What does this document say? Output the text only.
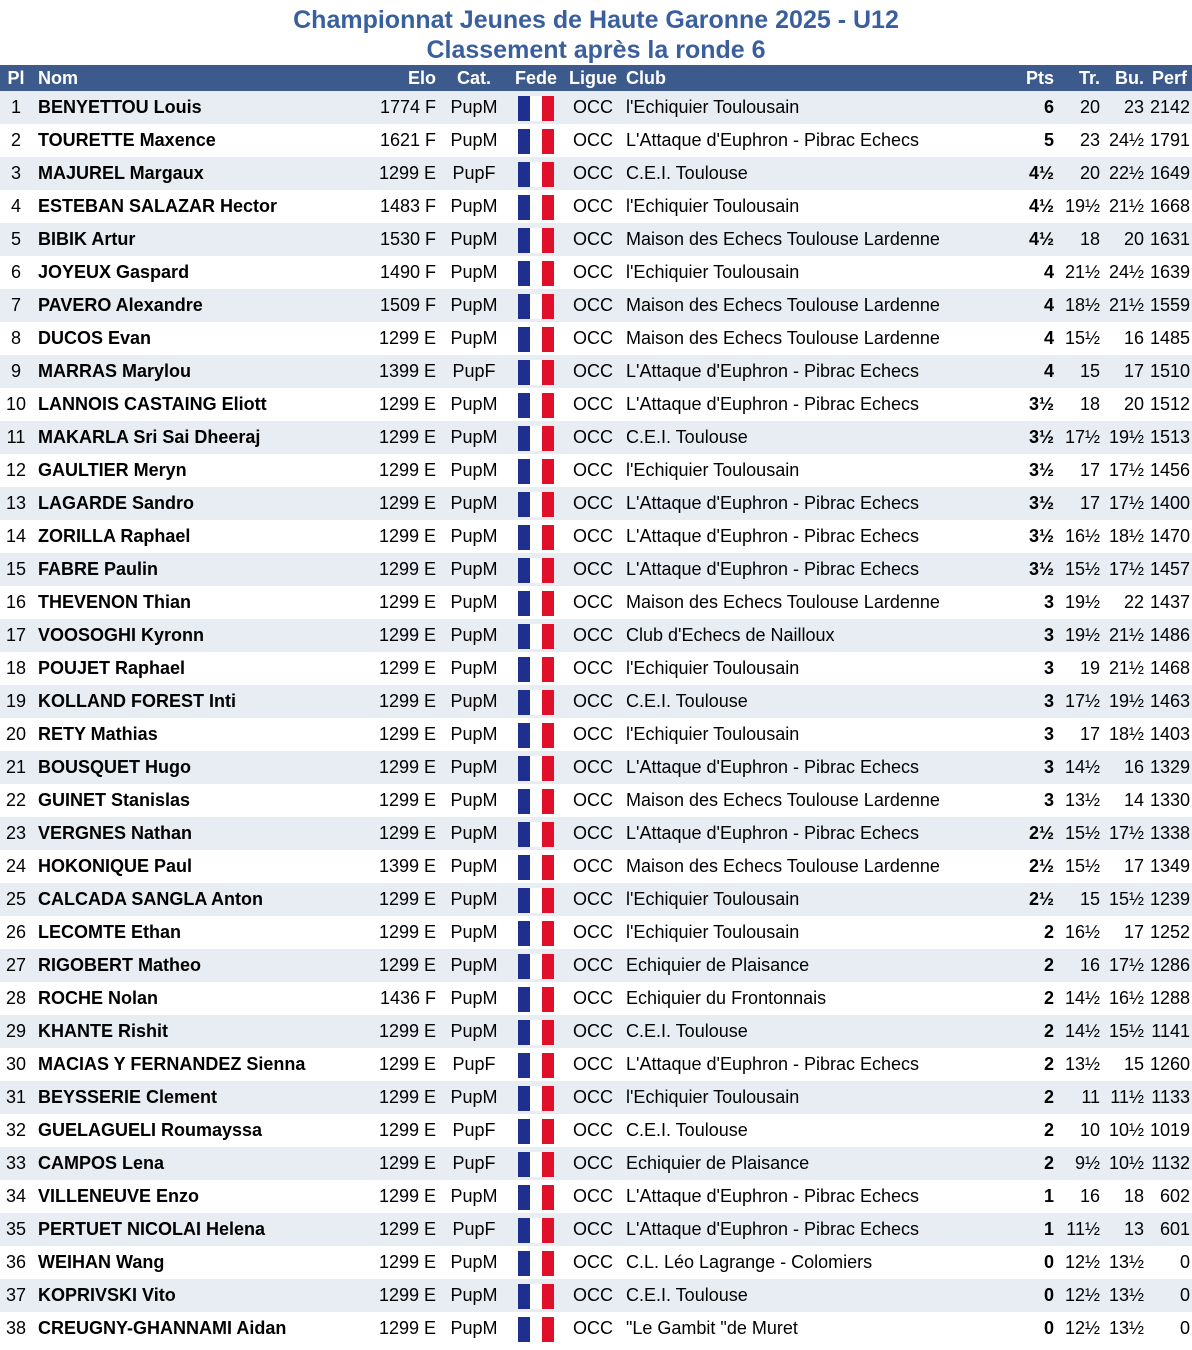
Championnat Jeunes de Haute Garonne 2025 - U12
Classement après la ronde 6
Pl	Nom	Elo	Cat.	Fede	Ligue	Club	Pts	Tr.	Bu.	Perf
1	BENYETTOU Louis	1774 F	PupM		OCC	l'Echiquier Toulousain	6	20	23	2142
2	TOURETTE Maxence	1621 F	PupM		OCC	L'Attaque d'Euphron - Pibrac Echecs	5	23	24½	1791
3	MAJUREL Margaux	1299 E	PupF		OCC	C.E.I. Toulouse	4½	20	22½	1649
4	ESTEBAN SALAZAR Hector	1483 F	PupM		OCC	l'Echiquier Toulousain	4½	19½	21½	1668
5	BIBIK Artur	1530 F	PupM		OCC	Maison des Echecs Toulouse Lardenne	4½	18	20	1631
6	JOYEUX Gaspard	1490 F	PupM		OCC	l'Echiquier Toulousain	4	21½	24½	1639
7	PAVERO Alexandre	1509 F	PupM		OCC	Maison des Echecs Toulouse Lardenne	4	18½	21½	1559
8	DUCOS Evan	1299 E	PupM		OCC	Maison des Echecs Toulouse Lardenne	4	15½	16	1485
9	MARRAS Marylou	1399 E	PupF		OCC	L'Attaque d'Euphron - Pibrac Echecs	4	15	17	1510
10	LANNOIS CASTAING Eliott	1299 E	PupM		OCC	L'Attaque d'Euphron - Pibrac Echecs	3½	18	20	1512
11	MAKARLA Sri Sai Dheeraj	1299 E	PupM		OCC	C.E.I. Toulouse	3½	17½	19½	1513
12	GAULTIER Meryn	1299 E	PupM		OCC	l'Echiquier Toulousain	3½	17	17½	1456
13	LAGARDE Sandro	1299 E	PupM		OCC	L'Attaque d'Euphron - Pibrac Echecs	3½	17	17½	1400
14	ZORILLA Raphael	1299 E	PupM		OCC	L'Attaque d'Euphron - Pibrac Echecs	3½	16½	18½	1470
15	FABRE Paulin	1299 E	PupM		OCC	L'Attaque d'Euphron - Pibrac Echecs	3½	15½	17½	1457
16	THEVENON Thian	1299 E	PupM		OCC	Maison des Echecs Toulouse Lardenne	3	19½	22	1437
17	VOOSOGHI Kyronn	1299 E	PupM		OCC	Club d'Echecs de Nailloux	3	19½	21½	1486
18	POUJET Raphael	1299 E	PupM		OCC	l'Echiquier Toulousain	3	19	21½	1468
19	KOLLAND FOREST Inti	1299 E	PupM		OCC	C.E.I. Toulouse	3	17½	19½	1463
20	RETY Mathias	1299 E	PupM		OCC	l'Echiquier Toulousain	3	17	18½	1403
21	BOUSQUET Hugo	1299 E	PupM		OCC	L'Attaque d'Euphron - Pibrac Echecs	3	14½	16	1329
22	GUINET Stanislas	1299 E	PupM		OCC	Maison des Echecs Toulouse Lardenne	3	13½	14	1330
23	VERGNES Nathan	1299 E	PupM		OCC	L'Attaque d'Euphron - Pibrac Echecs	2½	15½	17½	1338
24	HOKONIQUE Paul	1399 E	PupM		OCC	Maison des Echecs Toulouse Lardenne	2½	15½	17	1349
25	CALCADA SANGLA Anton	1299 E	PupM		OCC	l'Echiquier Toulousain	2½	15	15½	1239
26	LECOMTE Ethan	1299 E	PupM		OCC	l'Echiquier Toulousain	2	16½	17	1252
27	RIGOBERT Matheo	1299 E	PupM		OCC	Echiquier de Plaisance	2	16	17½	1286
28	ROCHE Nolan	1436 F	PupM		OCC	Echiquier du Frontonnais	2	14½	16½	1288
29	KHANTE Rishit	1299 E	PupM		OCC	C.E.I. Toulouse	2	14½	15½	1141
30	MACIAS Y FERNANDEZ Sienna	1299 E	PupF		OCC	L'Attaque d'Euphron - Pibrac Echecs	2	13½	15	1260
31	BEYSSERIE Clement	1299 E	PupM		OCC	l'Echiquier Toulousain	2	11	11½	1133
32	GUELAGUELI Roumayssa	1299 E	PupF		OCC	C.E.I. Toulouse	2	10	10½	1019
33	CAMPOS Lena	1299 E	PupF		OCC	Echiquier de Plaisance	2	9½	10½	1132
34	VILLENEUVE Enzo	1299 E	PupM		OCC	L'Attaque d'Euphron - Pibrac Echecs	1	16	18	602
35	PERTUET NICOLAI Helena	1299 E	PupF		OCC	L'Attaque d'Euphron - Pibrac Echecs	1	11½	13	601
36	WEIHAN Wang	1299 E	PupM		OCC	C.L. Léo Lagrange - Colomiers	0	12½	13½	0
37	KOPRIVSKI Vito	1299 E	PupM		OCC	C.E.I. Toulouse	0	12½	13½	0
38	CREUGNY-GHANNAMI Aidan	1299 E	PupM		OCC	"Le Gambit "de Muret	0	12½	13½	0
